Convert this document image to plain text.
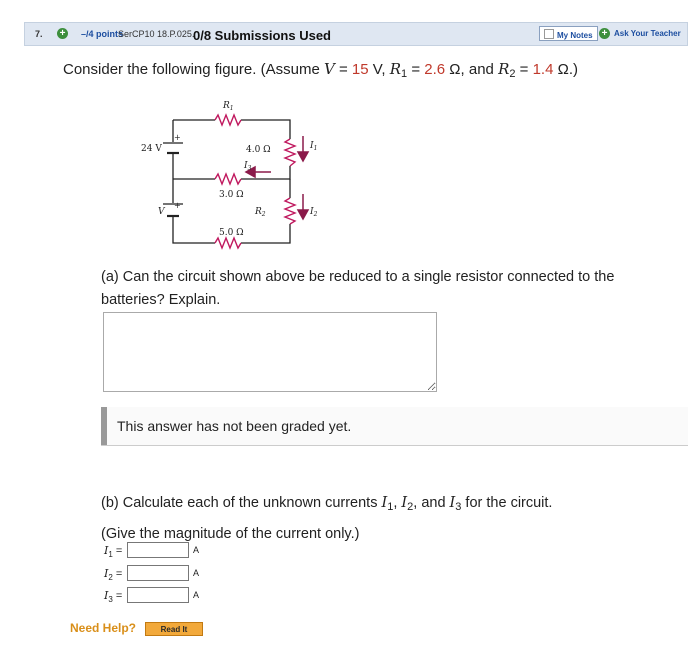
7. + –/4 points
SerCP10 18.P.025.
0/8 Submissions Used	My Notes + Ask Your Teacher
Consider the following figure. (Assume V = 15 V, $R_1 = 2.6$ Ω, and $R_2 = 1.4$ Ω.)
$R_1$
24 V
+
4.0 Ω	$I_1$
$I_3$
3.0 Ω
V
+
$R_2$	$I_2$
5.0 Ω
(a) Can the circuit shown above be reduced to a single resistor connected to the batteries? Explain.
This answer has not been graded yet.
(b) Calculate each of the unknown currents $I_1$, $I_2$, and $I_3$ for the circuit.
(Give the magnitude of the current only.)
$I_1$ =	A
$I_2$ =	A
$I_3$ =	A
Need Help?	Read It
